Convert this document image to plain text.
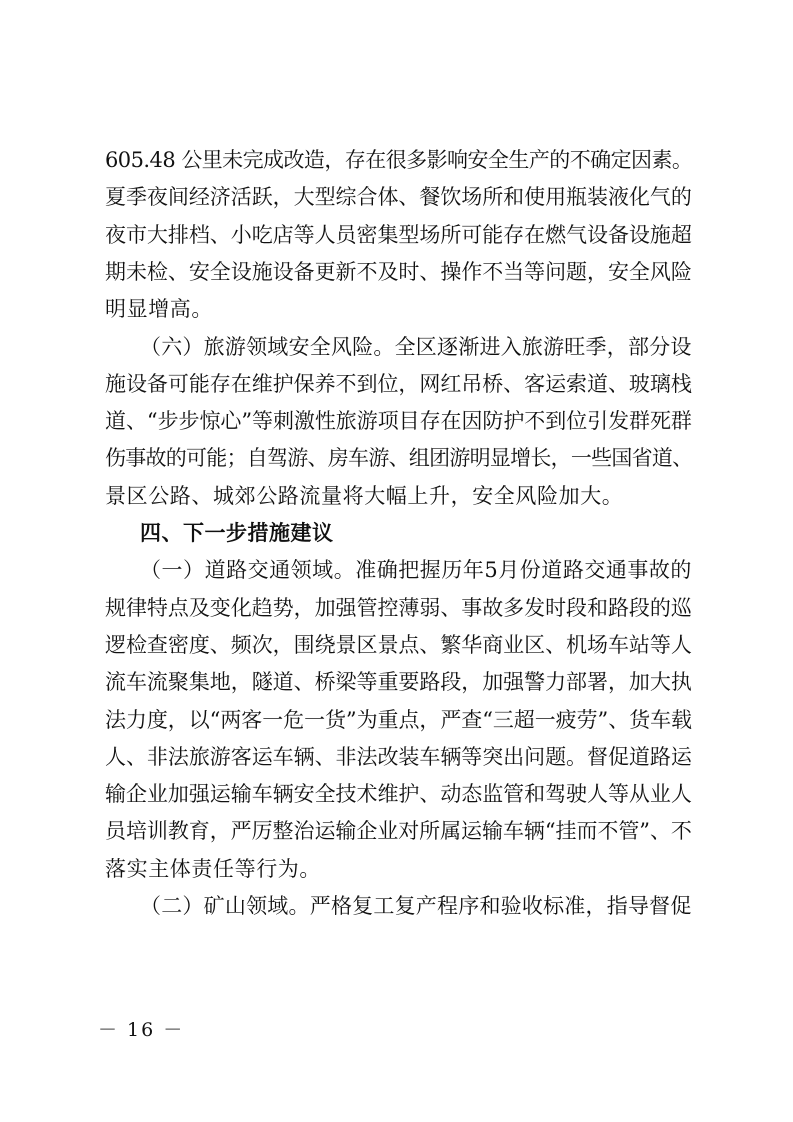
605.48 公里未完成改造，存在很多影响安全生产的不确定因素。
夏季夜间经济活跃，大型综合体、餐饮场所和使用瓶装液化气的
夜市大排档、小吃店等人员密集型场所可能存在燃气设备设施超
期未检、安全设施设备更新不及时、操作不当等问题，安全风险
明显增高。
（六）旅游领域安全风险。全区逐渐进入旅游旺季，部分设
施设备可能存在维护保养不到位，网红吊桥、客运索道、玻璃栈
道、“步步惊心”等刺激性旅游项目存在因防护不到位引发群死群
伤事故的可能；自驾游、房车游、组团游明显增长，一些国省道、
景区公路、城郊公路流量将大幅上升，安全风险加大。
四、下一步措施建议
（一）道路交通领域。准确把握历年5月份道路交通事故的
规律特点及变化趋势，加强管控薄弱、事故多发时段和路段的巡
逻检查密度、频次，围绕景区景点、繁华商业区、机场车站等人
流车流聚集地，隧道、桥梁等重要路段，加强警力部署，加大执
法力度，以“两客一危一货”为重点，严查“三超一疲劳”、货车载
人、非法旅游客运车辆、非法改装车辆等突出问题。督促道路运
输企业加强运输车辆安全技术维护、动态监管和驾驶人等从业人
员培训教育，严厉整治运输企业对所属运输车辆“挂而不管”、不
落实主体责任等行为。
（二）矿山领域。严格复工复产程序和验收标准，指导督促
－ 16 －
